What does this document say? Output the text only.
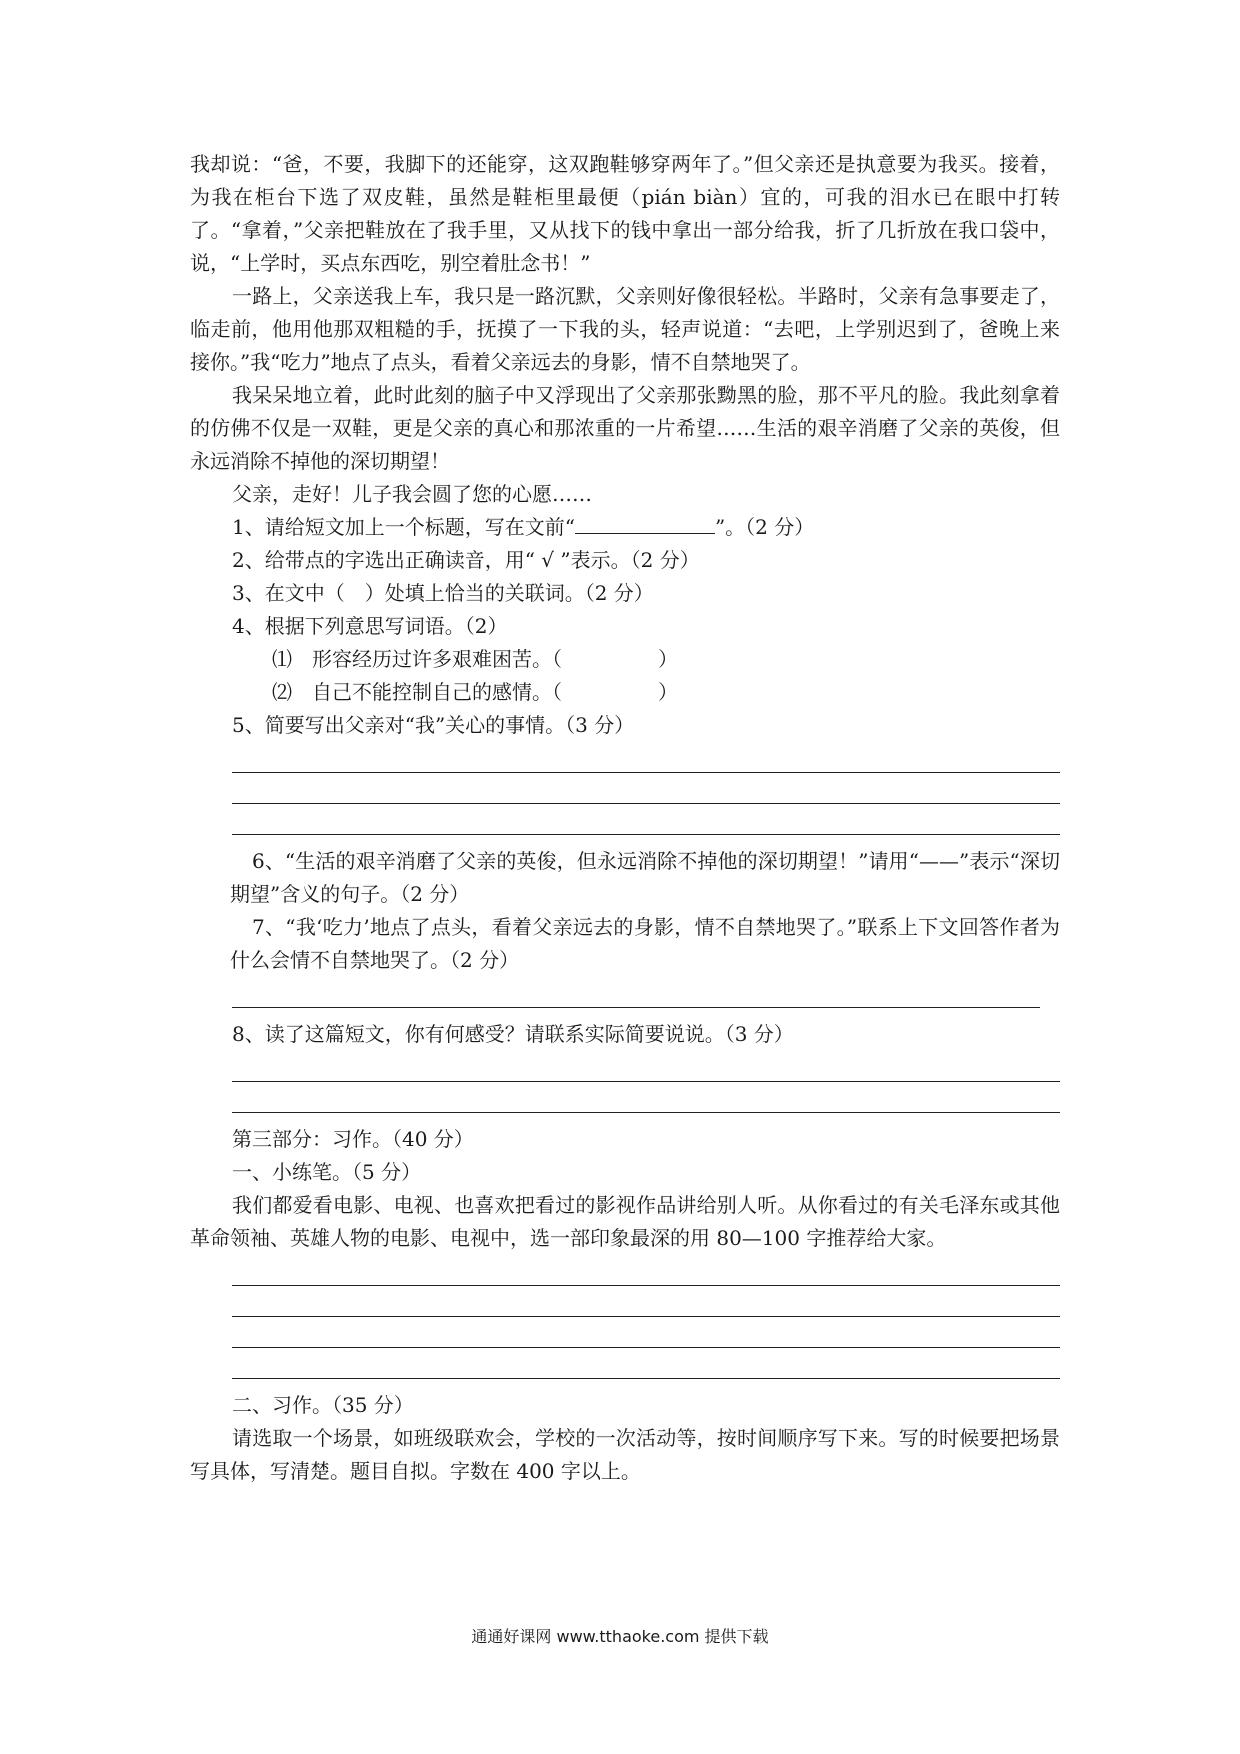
我却说：“爸，不要，我脚下的还能穿，这双跑鞋够穿两年了。”但父亲还是执意要为我买。接着，为我在柜台下选了双皮鞋，虽然是鞋柜里最便（pián biàn）宜的，可我的泪水已在眼中打转了。“拿着，”父亲把鞋放在了我手里，又从找下的钱中拿出一部分给我，折了几折放在我口袋中，说，“上学时，买点东西吃，别空着肚念书！”

一路上，父亲送我上车，我只是一路沉默，父亲则好像很轻松。半路时，父亲有急事要走了，临走前，他用他那双粗糙的手，抚摸了一下我的头，轻声说道：“去吧，上学别迟到了，爸晚上来接你。”我“吃力”地点了点头，看着父亲远去的身影，情不自禁地哭了。

我呆呆地立着，此时此刻的脑子中又浮现出了父亲那张黝黑的脸，那不平凡的脸。我此刻拿着的仿佛不仅是一双鞋，更是父亲的真心和那浓重的一片希望……生活的艰辛消磨了父亲的英俊，但永远消除不掉他的深切期望！

父亲，走好！儿子我会圆了您的心愿……

1、请给短文加上一个标题，写在文前“	”。（2 分）

2、给带点的字选出正确读音，用“ √ ”表示。（2 分）

3、在文中（　）处填上恰当的关联词。（2 分）

4、根据下列意思写词语。（2）

⑴　形容经历过许多艰难困苦。（	）

⑵　自己不能控制自己的感情。（	）

5、简要写出父亲对“我”关心的事情。（3 分）

6、“生活的艰辛消磨了父亲的英俊，但永远消除不掉他的深切期望！”请用“——”表示“深切期望”含义的句子。（2 分）

7、“我‘吃力’地点了点头，看着父亲远去的身影，情不自禁地哭了。”联系上下文回答作者为什么会情不自禁地哭了。（2 分）

8、读了这篇短文，你有何感受？请联系实际简要说说。（3 分）

第三部分：习作。（40 分）

一、小练笔。（5 分）

我们都爱看电影、电视、也喜欢把看过的影视作品讲给别人听。从你看过的有关毛泽东或其他革命领袖、英雄人物的电影、电视中，选一部印象最深的用 80—100 字推荐给大家。

二、习作。（35 分）

请选取一个场景，如班级联欢会，学校的一次活动等，按时间顺序写下来。写的时候要把场景写具体，写清楚。题目自拟。字数在 400 字以上。

通通好课网 www.tthaoke.com 提供下载
